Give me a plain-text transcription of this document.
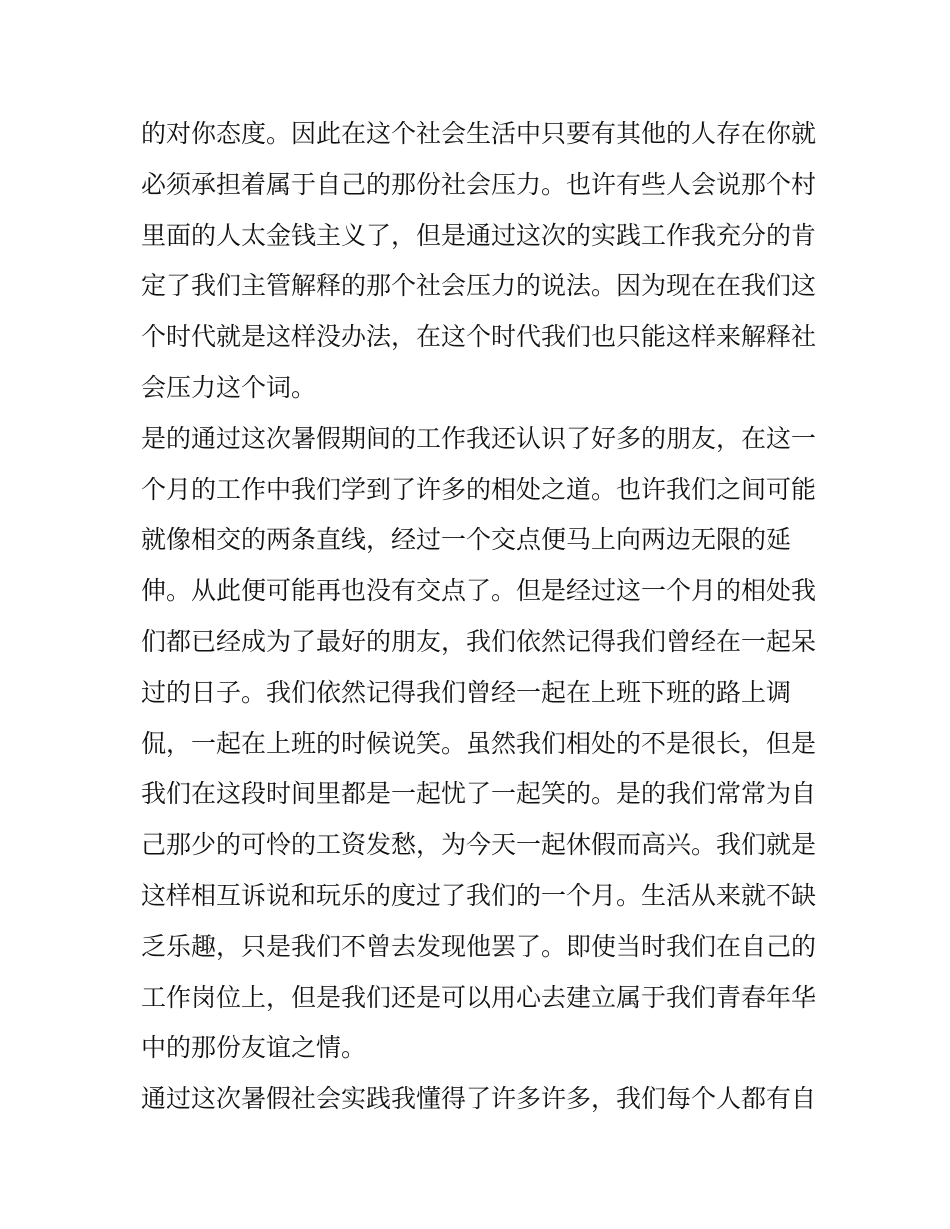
的对你态度。因此在这个社会生活中只要有其他的人存在你就
必须承担着属于自己的那份社会压力。也许有些人会说那个村
里面的人太金钱主义了，但是通过这次的实践工作我充分的肯
定了我们主管解释的那个社会压力的说法。因为现在在我们这
个时代就是这样没办法，在这个时代我们也只能这样来解释社
会压力这个词。
是的通过这次暑假期间的工作我还认识了好多的朋友，在这一
个月的工作中我们学到了许多的相处之道。也许我们之间可能
就像相交的两条直线，经过一个交点便马上向两边无限的延
伸。从此便可能再也没有交点了。但是经过这一个月的相处我
们都已经成为了最好的朋友，我们依然记得我们曾经在一起呆
过的日子。我们依然记得我们曾经一起在上班下班的路上调
侃，一起在上班的时候说笑。虽然我们相处的不是很长，但是
我们在这段时间里都是一起忧了一起笑的。是的我们常常为自
己那少的可怜的工资发愁，为今天一起休假而高兴。我们就是
这样相互诉说和玩乐的度过了我们的一个月。生活从来就不缺
乏乐趣，只是我们不曾去发现他罢了。即使当时我们在自己的
工作岗位上，但是我们还是可以用心去建立属于我们青春年华
中的那份友谊之情。
通过这次暑假社会实践我懂得了许多许多，我们每个人都有自
